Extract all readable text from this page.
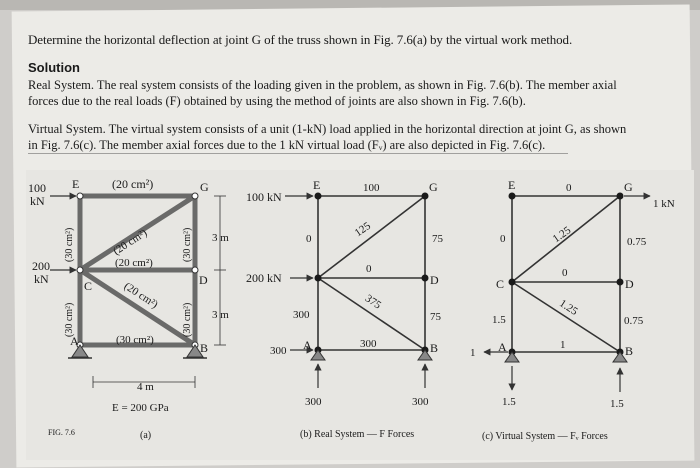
Determine the horizontal deflection at joint G of the truss shown in Fig. 7.6(a) by the virtual work method.
Solution
Real System. The real system consists of the loading given in the problem, as shown in Fig. 7.6(b). The member axial
forces due to the real loads (F) obtained by using the method of joints are also shown in Fig. 7.6(b).
Virtual System. The virtual system consists of a unit (1-kN) load applied in the horizontal direction at joint G, as shown
in Fig. 7.6(c). The member axial forces due to the 1 kN virtual load (Fᵥ) are also depicted in Fig. 7.6(c).
100
kN
200
kN
E	G
C	D
A	B
(20 cm²)
(20 cm²)
(20 cm²)
(20 cm²)
(30 cm²)
(30 cm²)
(30 cm²)
(30 cm²)
(30 cm²)
3 m
3 m
4 m
E = 200 GPa
(a)
FIG. 7.6
100 kN
200 kN
E	G
D
A	B
100
0	125	75
0
300
375
75
300
300
300	300
(b) Real System — F Forces
1 kN
E	G
C	D
A	B
0
0	1.25	0.75
0
1.5
1.25
0.75
1
1
1.5	1.5
(c) Virtual System — Fᵥ Forces
